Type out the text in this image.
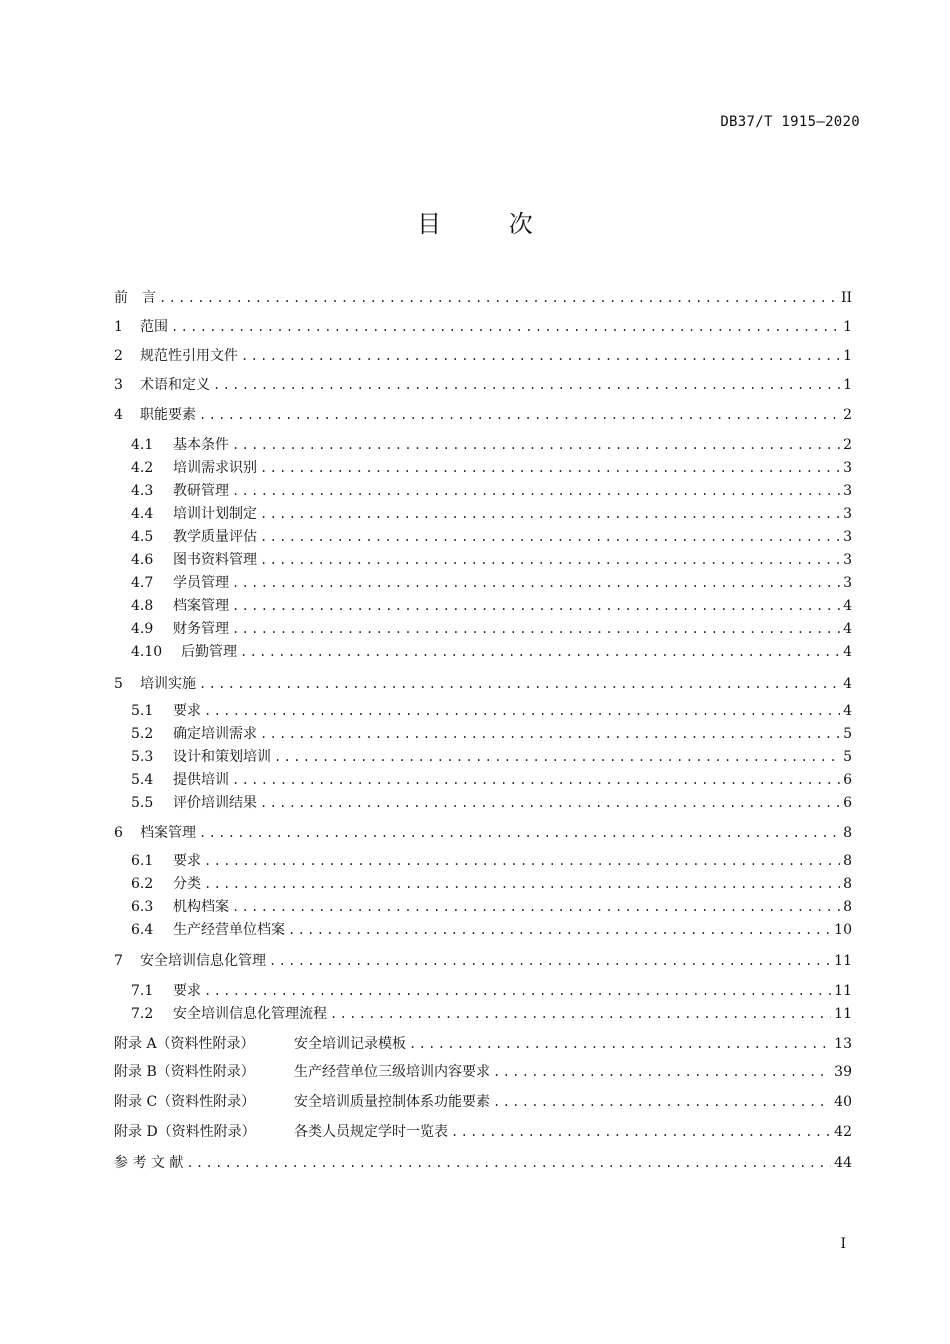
DB37/T 1915—2020
目 次
前　言 .....	II
1 范围 .....	1
2 规范性引用文件 .....	1
3 术语和定义 .....	1
4 职能要素 .....	2
4.1 基本条件 .....	2
4.2 培训需求识别 .....	3
4.3 教研管理 .....	3
4.4 培训计划制定 .....	3
4.5 教学质量评估 .....	3
4.6 图书资料管理 .....	3
4.7 学员管理 .....	3
4.8 档案管理 .....	4
4.9 财务管理 .....	4
4.10 后勤管理 .....	4
5 培训实施 .....	4
5.1 要求 .....	4
5.2 确定培训需求 .....	5
5.3 设计和策划培训 .....	5
5.4 提供培训 .....	6
5.5 评价培训结果 .....	6
6 档案管理 .....	8
6.1 要求 .....	8
6.2 分类 .....	8
6.3 机构档案 .....	8
6.4 生产经营单位档案 .....	10
7 安全培训信息化管理 .....	11
7.1 要求 .....	11
7.2 安全培训信息化管理流程 .....	11
附录 A（资料性附录）	安全培训记录模板 .....	13
附录 B（资料性附录）	生产经营单位三级培训内容要求 .....	39
附录 C（资料性附录）	安全培训质量控制体系功能要素 .....	40
附录 D（资料性附录）	各类人员规定学时一览表 .....	42
参 考 文 献 .....	44
I
